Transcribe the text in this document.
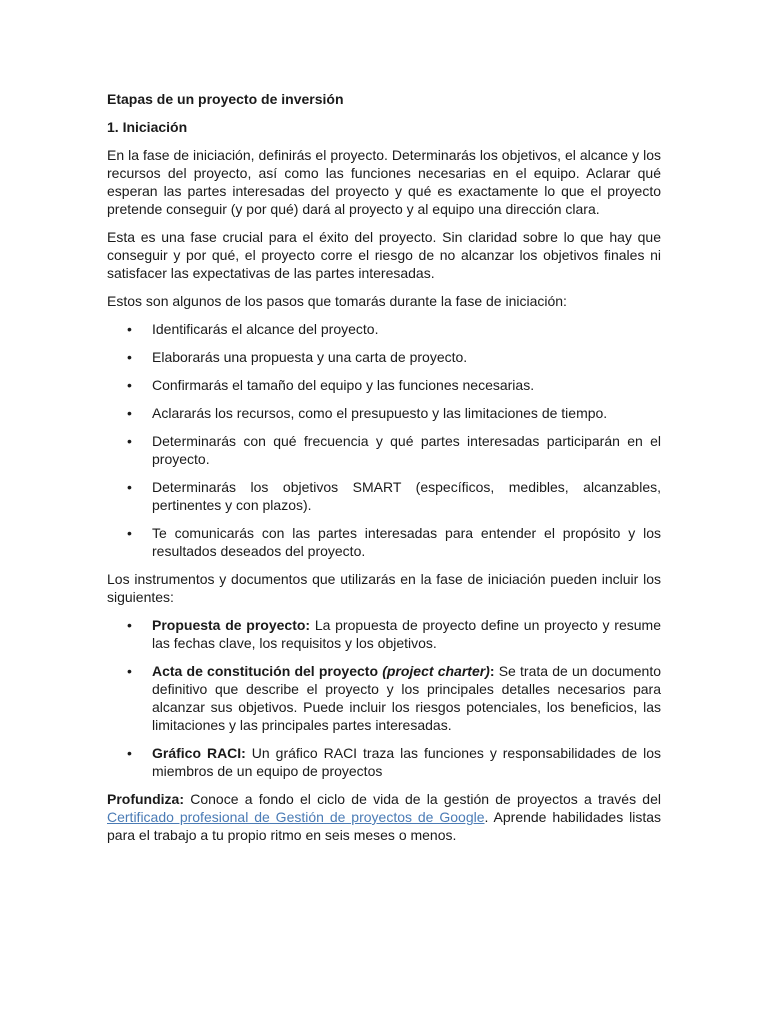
Etapas de un proyecto de inversión

1. Iniciación

En la fase de iniciación, definirás el proyecto. Determinarás los objetivos, el alcance y los recursos del proyecto, así como las funciones necesarias en el equipo. Aclarar qué esperan las partes interesadas del proyecto y qué es exactamente lo que el proyecto pretende conseguir (y por qué) dará al proyecto y al equipo una dirección clara.

Esta es una fase crucial para el éxito del proyecto. Sin claridad sobre lo que hay que conseguir y por qué, el proyecto corre el riesgo de no alcanzar los objetivos finales ni satisfacer las expectativas de las partes interesadas.

Estos son algunos de los pasos que tomarás durante la fase de iniciación:

• Identificarás el alcance del proyecto.
• Elaborarás una propuesta y una carta de proyecto.
• Confirmarás el tamaño del equipo y las funciones necesarias.
• Aclararás los recursos, como el presupuesto y las limitaciones de tiempo.
• Determinarás con qué frecuencia y qué partes interesadas participarán en el proyecto.
• Determinarás los objetivos SMART (específicos, medibles, alcanzables, pertinentes y con plazos).
• Te comunicarás con las partes interesadas para entender el propósito y los resultados deseados del proyecto.

Los instrumentos y documentos que utilizarás en la fase de iniciación pueden incluir los siguientes:

• Propuesta de proyecto: La propuesta de proyecto define un proyecto y resume las fechas clave, los requisitos y los objetivos.
• Acta de constitución del proyecto (project charter): Se trata de un documento definitivo que describe el proyecto y los principales detalles necesarios para alcanzar sus objetivos. Puede incluir los riesgos potenciales, los beneficios, las limitaciones y las principales partes interesadas.
• Gráfico RACI: Un gráfico RACI traza las funciones y responsabilidades de los miembros de un equipo de proyectos

Profundiza: Conoce a fondo el ciclo de vida de la gestión de proyectos a través del Certificado profesional de Gestión de proyectos de Google. Aprende habilidades listas para el trabajo a tu propio ritmo en seis meses o menos.
